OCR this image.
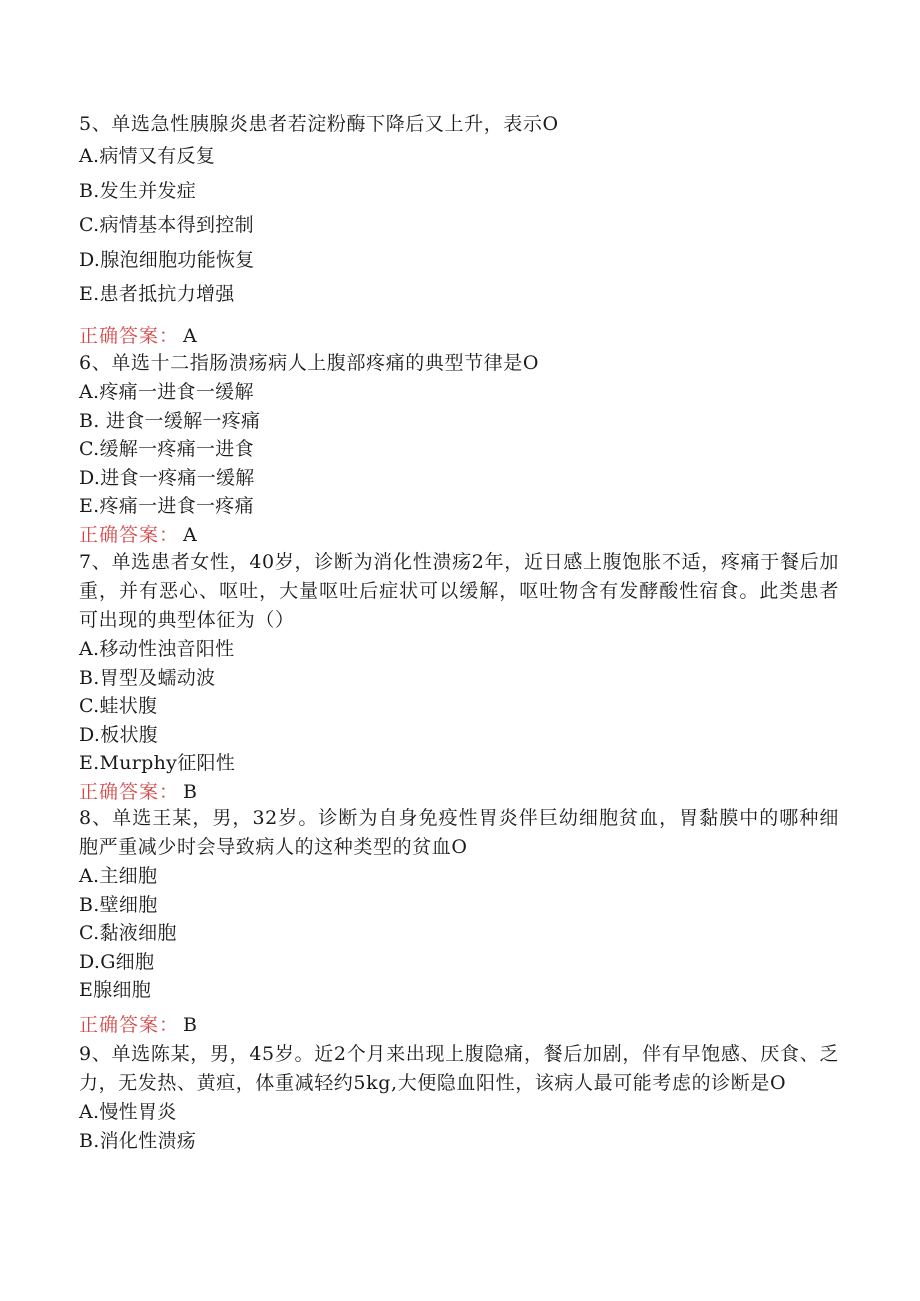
5、单选急性胰腺炎患者若淀粉酶下降后又上升，表示O

A.病情又有反复

B.发生并发症

C.病情基本得到控制

D.腺泡细胞功能恢复

E.患者抵抗力增强

正确答案： A

6、单选十二指肠溃疡病人上腹部疼痛的典型节律是O

A.疼痛一进食一缓解

B. 进食一缓解一疼痛

C.缓解一疼痛一进食

D.进食一疼痛一缓解

E.疼痛一进食一疼痛

正确答案： A

7、单选患者女性，40岁，诊断为消化性溃疡2年，近日感上腹饱胀不适，疼痛于餐后加重，并有恶心、呕吐，大量呕吐后症状可以缓解，呕吐物含有发酵酸性宿食。此类患者可出现的典型体征为（）

A.移动性浊音阳性

B.胃型及蠕动波

C.蛙状腹

D.板状腹

E.Murphy征阳性

正确答案： B

8、单选王某，男，32岁。诊断为自身免疫性胃炎伴巨幼细胞贫血，胃黏膜中的哪种细胞严重减少时会导致病人的这种类型的贫血O

A.主细胞

B.壁细胞

C.黏液细胞

D.G细胞

E腺细胞

正确答案： B

9、单选陈某，男，45岁。近2个月来出现上腹隐痛，餐后加剧，伴有早饱感、厌食、乏力，无发热、黄疸，体重减轻约5kg,大便隐血阳性，该病人最可能考虑的诊断是O

A.慢性胃炎

B.消化性溃疡
